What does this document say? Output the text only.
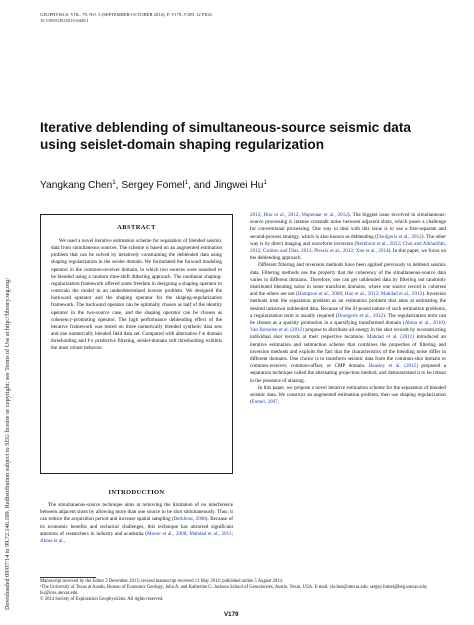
Downloaded 09/07/14 to 99.72.146.109. Redistribution subject to SEG license or copyright; see Terms of Use at http://library.seg.org/
GEOPHYSICS, VOL. 79, NO. 5 (SEPTEMBER-OCTOBER 2014); P. V179–V189, 12 FIGS.
10.1190/GEO2013-0449.1
Iterative deblending of simultaneous-source seismic data using seislet-domain shaping regularization
Yangkang Chen$^1$, Sergey Fomel$^1$, and Jingwei Hu$^1$
ABSTRACT

We used a novel iterative estimation scheme for separation of blended seismic data from simultaneous sources. The scheme is based on an augmented estimation problem that can be solved by iteratively constraining the deblended data using shaping regularization in the seislet domain. We formulated the forward modeling operator in the common-receiver domain, in which two sources were assumed to be blended using a random time-shift dithering approach. The nonlinear shaping-regularization framework offered some freedom in designing a shaping operator to constrain the model in an underdetermined inverse problem. We designed the backward operator and the shaping operator for the shaping-regularization framework. The backward operator can be optimally chosen as half of the identity operator in the two-source case, and the shaping operator can be chosen as coherency-promoting operator. The high performance deblending effect of the iterative framework was tested on three numerically blended synthetic data sets and one numerically blended field data set. Compared with alternative f-k domain thresholding and f-x predictive filtering, seislet-domain soft thresholding exhibits the most robust behavior.

INTRODUCTION

The simultaneous-source technique aims at removing the limitation of no interference between adjacent shots by allowing more than one source to be shot simultaneously. Thus, it can reduce the acquisition period and increase spatial sampling (Berkhout, 2008). Because of its economic benefits and technical challenges, this technique has attracted significant attention of researchers in industry and academia (Moore et al., 2008; Mahdad et al., 2011; Abma et al.,

2012; Huo et al., 2012; Wapenaar et al., 2012). The biggest issue involved in simultaneous-source processing is intense crosstalk noise between adjacent shots, which poses a challenge for conventional processing. One way to deal with this issue is to use a first-separate and second-process strategy, which is also known as deblending (Doulgeris et al., 2012). The other way is by direct imaging and waveform inversion (Berkhout et al., 2012; Choi and Alkhalifah, 2012; Guitton and Díaz, 2012; Plessix et al., 2012; Xue et al., 2014). In this paper, we focus on the deblending approach.

Different filtering and inversion methods have been applied previously to deblend seismic data. Filtering methods use the property that the coherency of the simultaneous-source data varies in different domains. Therefore, one can get unblended data by filtering out randomly distributed blending noise in some transform domains, where one source record is coherent and the others are not (Hampson et al., 2008; Huo et al., 2012; Mahdad et al., 2012). Inversion methods treat the separation problem as an estimation problem that aims at estimating the desired unknown unblended data. Because of the ill-posed nature of such estimation problems, a regularization term is usually required (Doulgeris et al., 2012). The regularization term can be chosen as a sparsity promotion in a sparsifying transformed domain (Abma et al., 2010). Van Borselen et al. (2012) propose to distribute all energy in the shot records by reconstructing individual shot records at their respective locations. Mahdad et al. (2011) introduced an iterative estimation and subtraction scheme that combines the properties of filtering and inversion methods and exploits the fact that the characteristics of the blending noise differ in different domains. One choice is to transform seismic data from the common-shot domain to common-receiver, common-offset, or CMP domain. Beasley et al. (2012) proposed a separation technique called the alternating projection method, and demonstrated it to be robust in the presence of aliasing.

In this paper, we propose a novel iterative estimation scheme for the separation of blended seismic data. We construct an augmented estimation problem, then use shaping regularization (Fomel, 2007,

Manuscript received by the Editor 2 December 2013; revised manuscript received 13 May 2014; published online 5 August 2014.

¹The University of Texas at Austin, Bureau of Economic Geology, John A. and Katherine G. Jackson School of Geosciences, Austin, Texas, USA. E-mail: ykchen@utexas.edu; sergey.fomel@beg.utexas.edu; hu@ices.utexas.edu.

© 2014 Society of Exploration Geophysicists. All rights reserved.

V179
